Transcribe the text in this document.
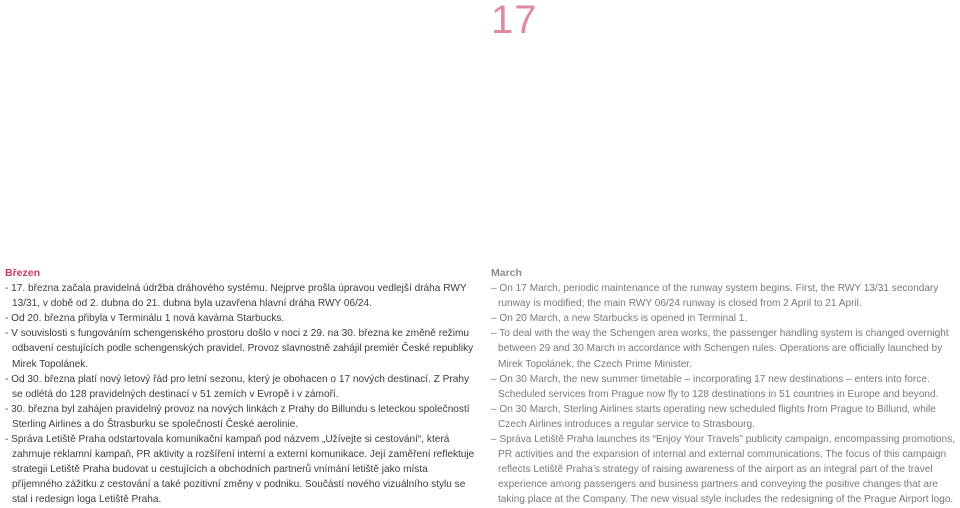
17
Březen

- 17. března začala pravidelná údržba dráhového systému. Nejprve prošla úpravou vedlejší dráha RWY 13/31, v době od 2. dubna do 21. dubna byla uzavřena hlavní dráha RWY 06/24.

- Od 20. března přibyla v Terminálu 1 nová kavárna Starbucks.

- V souvislosti s fungováním schengenského prostoru došlo v noci z 29. na 30. března ke změně režimu odbavení cestujících podle schengenských pravidel. Provoz slavnostně zahájil premiér České republiky Mirek Topolánek.

- Od 30. března platí nový letový řád pro letní sezonu, který je obohacen o 17 nových destinací. Z Prahy se odlétá do 128 pravidelných destinací v 51 zemích v Evropě i v zámoří.

- 30. března byl zahájen pravidelný provoz na nových linkách z Prahy do Billundu s leteckou společností Sterling Airlines a do Štrasburku se společností České aerolinie.

- Správa Letiště Praha odstartovala komunikační kampaň pod názvem „Užívejte si cestování“, která zahrnuje reklamní kampaň, PR aktivity a rozšíření interní a externí komunikace. Její zaměření reflektuje strategii Letiště Praha budovat u cestujících a obchodních partnerů vnímání letiště jako místa příjemného zážitku z cestování a také pozitivní změny v podniku. Součástí nového vizuálního stylu se stal i redesign loga Letiště Praha.

March

– On 17 March, periodic maintenance of the runway system begins. First, the RWY 13/31 secondary runway is modified; the main RWY 06/24 runway is closed from 2 April to 21 April.

– On 20 March, a new Starbucks is opened in Terminal 1.

– To deal with the way the Schengen area works, the passenger handling system is changed overnight between 29 and 30 March in accordance with Schengen rules. Operations are officially launched by Mirek Topolánek, the Czech Prime Minister.

– On 30 March, the new summer timetable – incorporating 17 new destinations – enters into force. Scheduled services from Prague now fly to 128 destinations in 51 countries in Europe and beyond.

– On 30 March, Sterling Airlines starts operating new scheduled flights from Prague to Billund, while Czech Airlines introduces a regular service to Strasbourg.

– Správa Letiště Praha launches its “Enjoy Your Travels” publicity campaign, encompassing promotions, PR activities and the expansion of internal and external communications. The focus of this campaign reflects Letiště Praha’s strategy of raising awareness of the airport as an integral part of the travel experience among passengers and business partners and conveying the positive changes that are taking place at the Company. The new visual style includes the redesigning of the Prague Airport logo.
